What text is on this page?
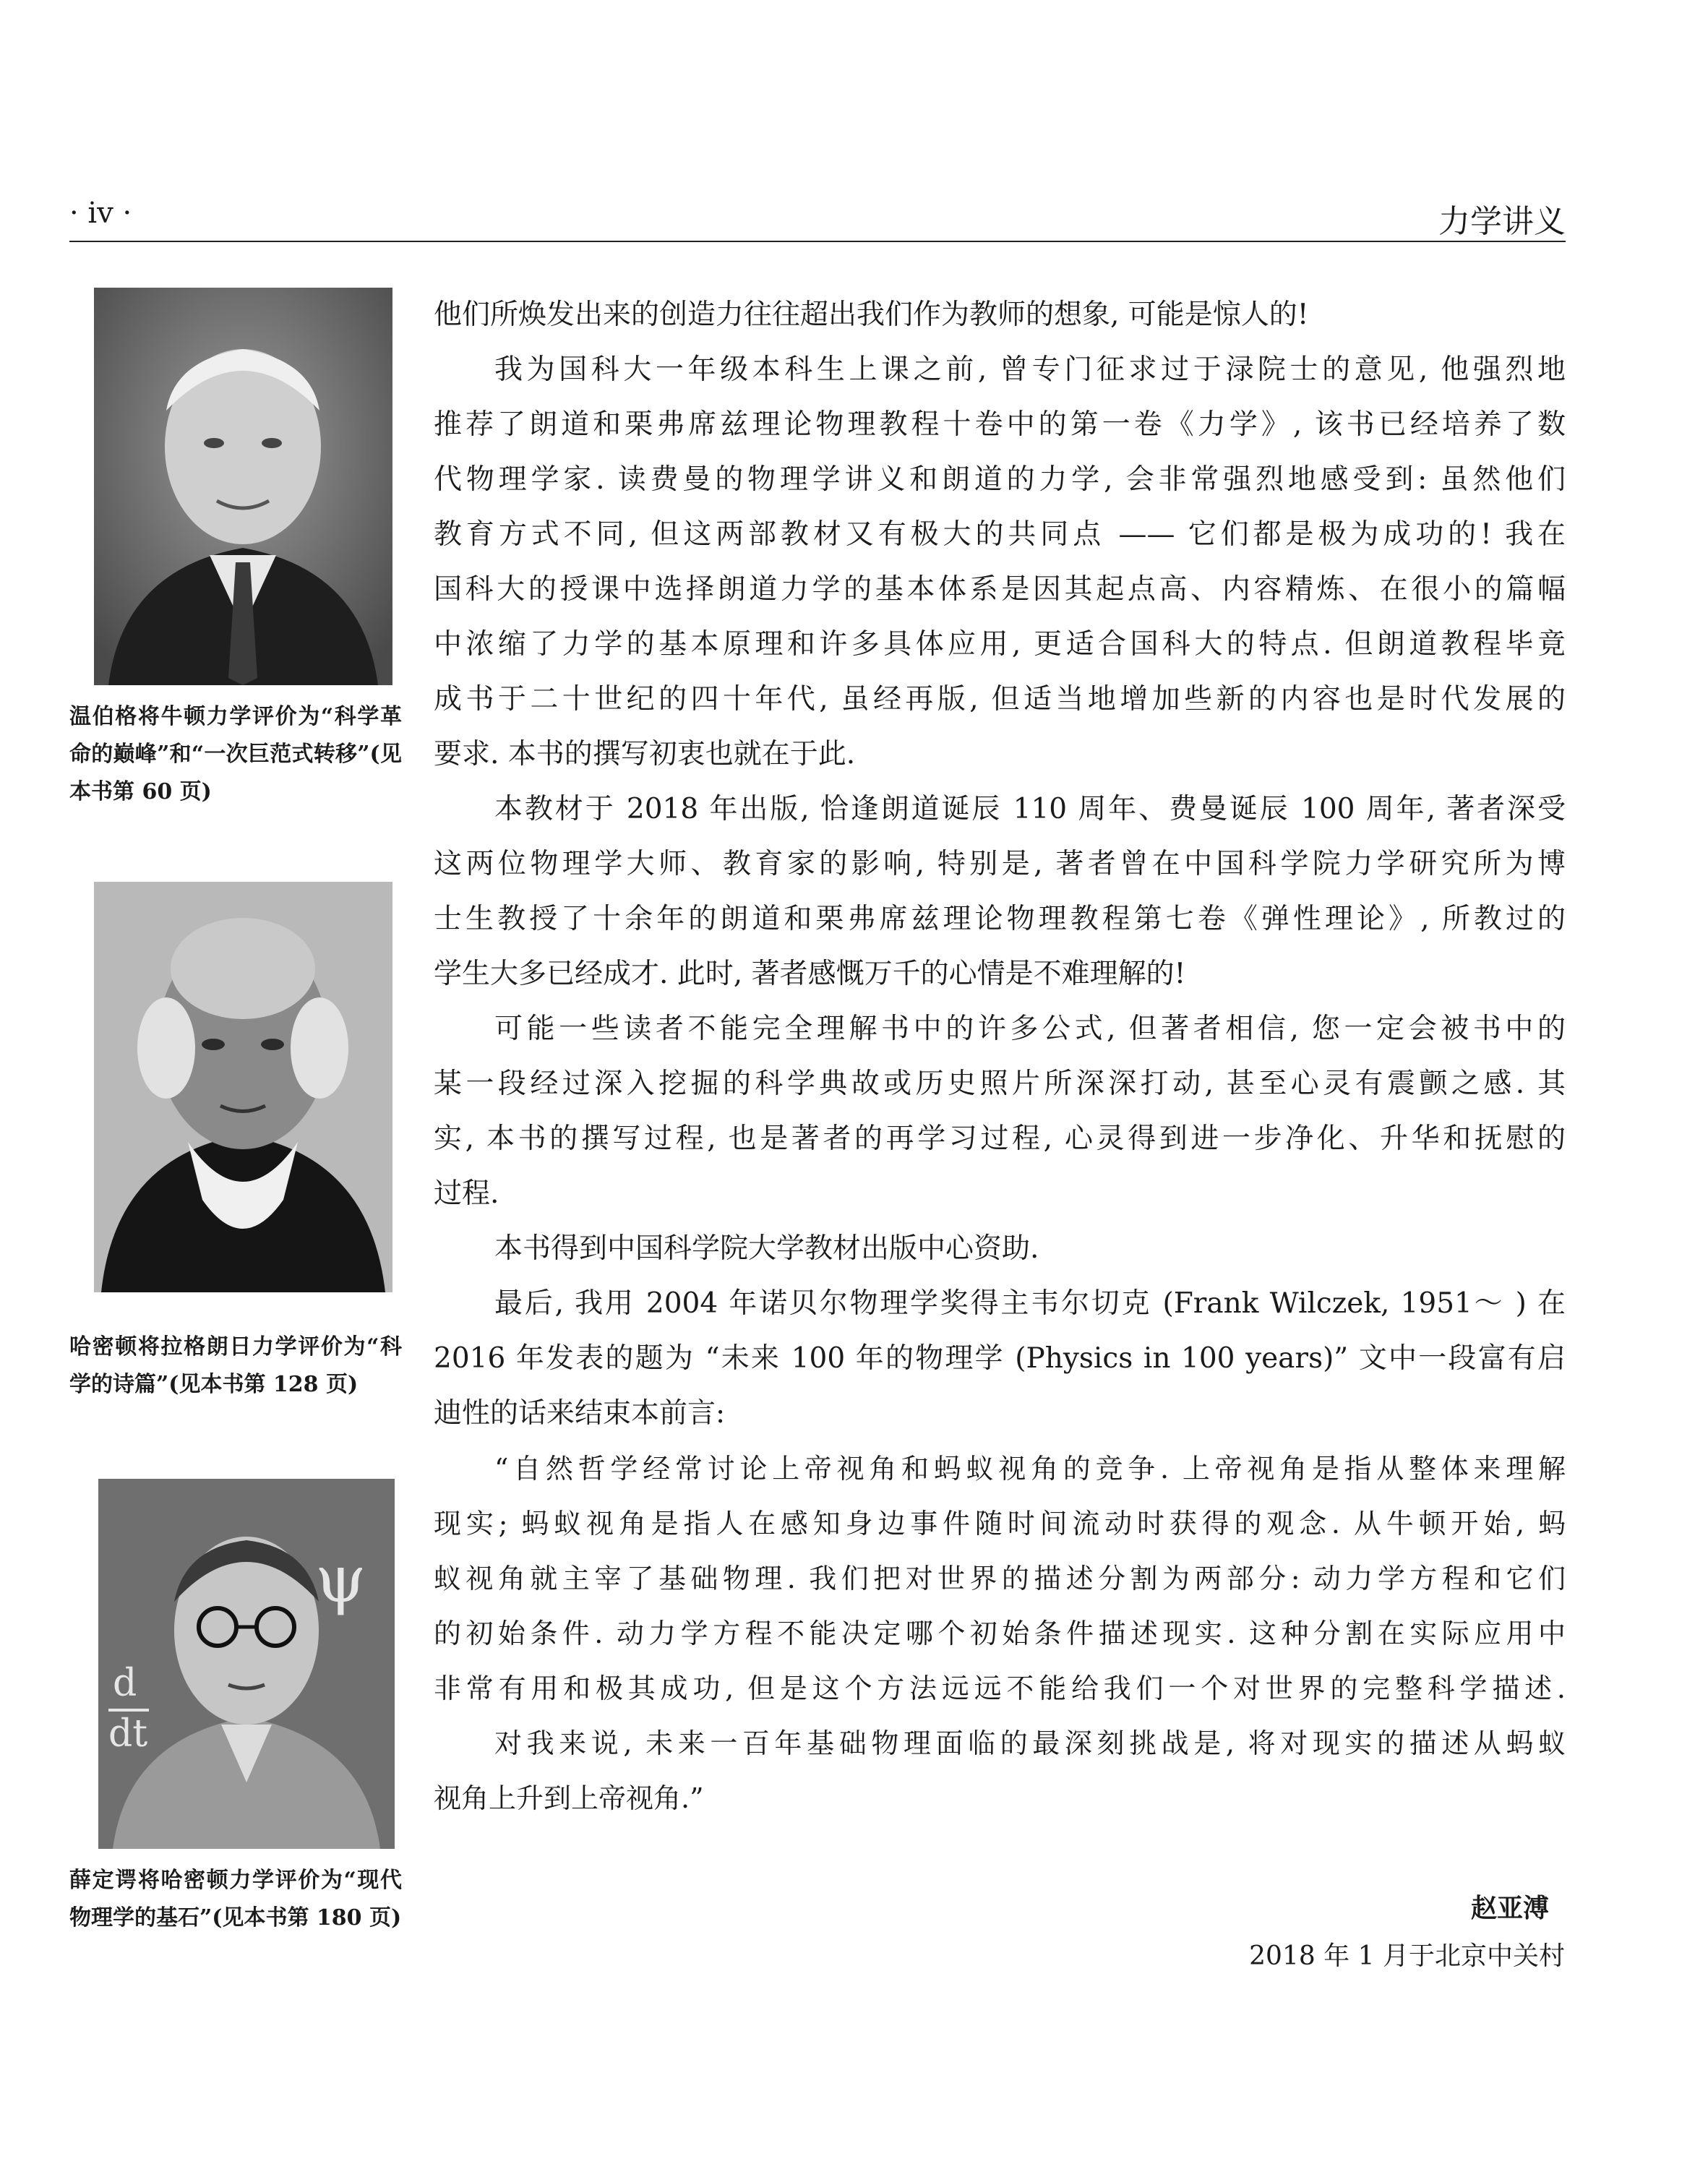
· iv ·	力学讲义
温伯格将牛顿力学评价为“科学革命的巅峰”和“一次巨范式转移”(见本书第 60 页)
哈密顿将拉格朗日力学评价为“科学的诗篇”(见本书第 128 页)
ψ
d
dt
薛定谔将哈密顿力学评价为“现代物理学的基石”(见本书第 180 页)
他们所焕发出来的创造力往往超出我们作为教师的想象, 可能是惊人的!
我为国科大一年级本科生上课之前, 曾专门征求过于渌院士的意见, 他强烈地
推荐了朗道和栗弗席兹理论物理教程十卷中的第一卷《力学》, 该书已经培养了数
代物理学家. 读费曼的物理学讲义和朗道的力学, 会非常强烈地感受到: 虽然他们
教育方式不同, 但这两部教材又有极大的共同点 —— 它们都是极为成功的! 我在
国科大的授课中选择朗道力学的基本体系是因其起点高、内容精炼、在很小的篇幅
中浓缩了力学的基本原理和许多具体应用, 更适合国科大的特点. 但朗道教程毕竟
成书于二十世纪的四十年代, 虽经再版, 但适当地增加些新的内容也是时代发展的
要求. 本书的撰写初衷也就在于此.
本教材于 2018 年出版, 恰逢朗道诞辰 110 周年、费曼诞辰 100 周年, 著者深受
这两位物理学大师、教育家的影响, 特别是, 著者曾在中国科学院力学研究所为博
士生教授了十余年的朗道和栗弗席兹理论物理教程第七卷《弹性理论》, 所教过的
学生大多已经成才. 此时, 著者感慨万千的心情是不难理解的!
可能一些读者不能完全理解书中的许多公式, 但著者相信, 您一定会被书中的
某一段经过深入挖掘的科学典故或历史照片所深深打动, 甚至心灵有震颤之感. 其
实, 本书的撰写过程, 也是著者的再学习过程, 心灵得到进一步净化、升华和抚慰的
过程.
本书得到中国科学院大学教材出版中心资助.
最后, 我用 2004 年诺贝尔物理学奖得主韦尔切克 (Frank Wilczek, 1951～ ) 在
2016 年发表的题为 “未来 100 年的物理学 (Physics in 100 years)” 文中一段富有启
迪性的话来结束本前言:
“自然哲学经常讨论上帝视角和蚂蚁视角的竞争. 上帝视角是指从整体来理解
现实; 蚂蚁视角是指人在感知身边事件随时间流动时获得的观念. 从牛顿开始, 蚂
蚁视角就主宰了基础物理. 我们把对世界的描述分割为两部分: 动力学方程和它们
的初始条件. 动力学方程不能决定哪个初始条件描述现实. 这种分割在实际应用中
非常有用和极其成功, 但是这个方法远远不能给我们一个对世界的完整科学描述.
对我来说, 未来一百年基础物理面临的最深刻挑战是, 将对现实的描述从蚂蚁
视角上升到上帝视角.”
赵亚溥
2018 年 1 月于北京中关村
